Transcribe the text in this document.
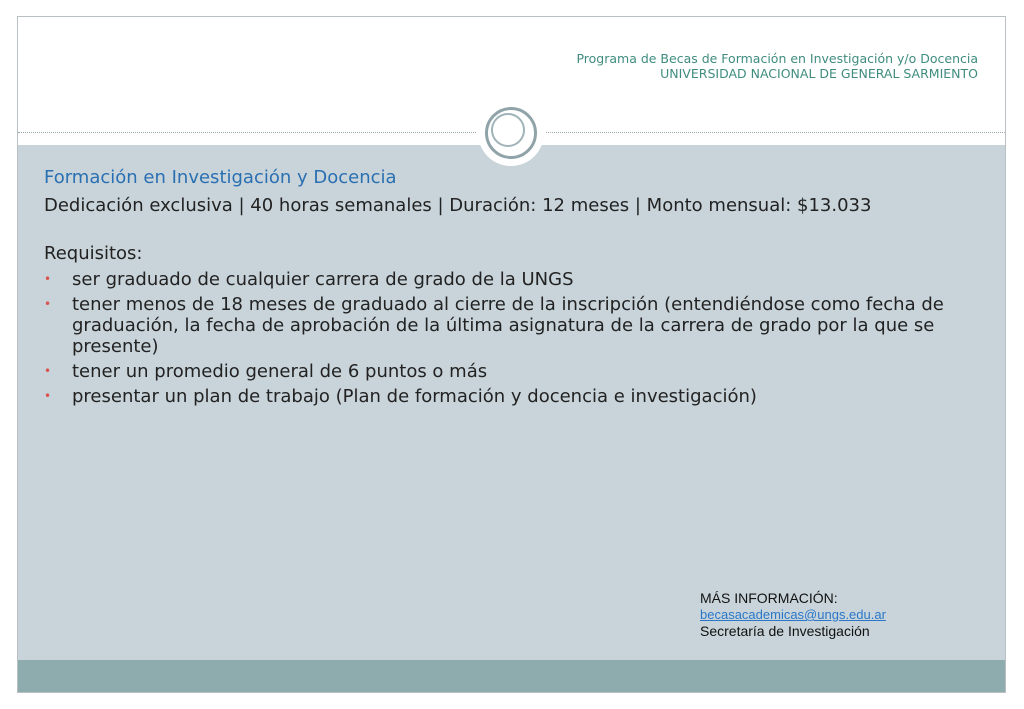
Programa de Becas de Formación en Investigación y/o Docencia
UNIVERSIDAD NACIONAL DE GENERAL SARMIENTO

Formación en Investigación y Docencia

Dedicación exclusiva | 40 horas semanales | Duración: 12 meses | Monto mensual: $13.033

Requisitos:

• ser graduado de cualquier carrera de grado de la UNGS
• tener menos de 18 meses de graduado al cierre de la inscripción (entendiéndose como fecha de graduación, la fecha de aprobación de la última asignatura de la carrera de grado por la que se presente)
• tener un promedio general de 6 puntos o más
• presentar un plan de trabajo (Plan de formación y docencia e investigación)
MÁS INFORMACIÓN:
becasacademicas@ungs.edu.ar
Secretaría de Investigación
